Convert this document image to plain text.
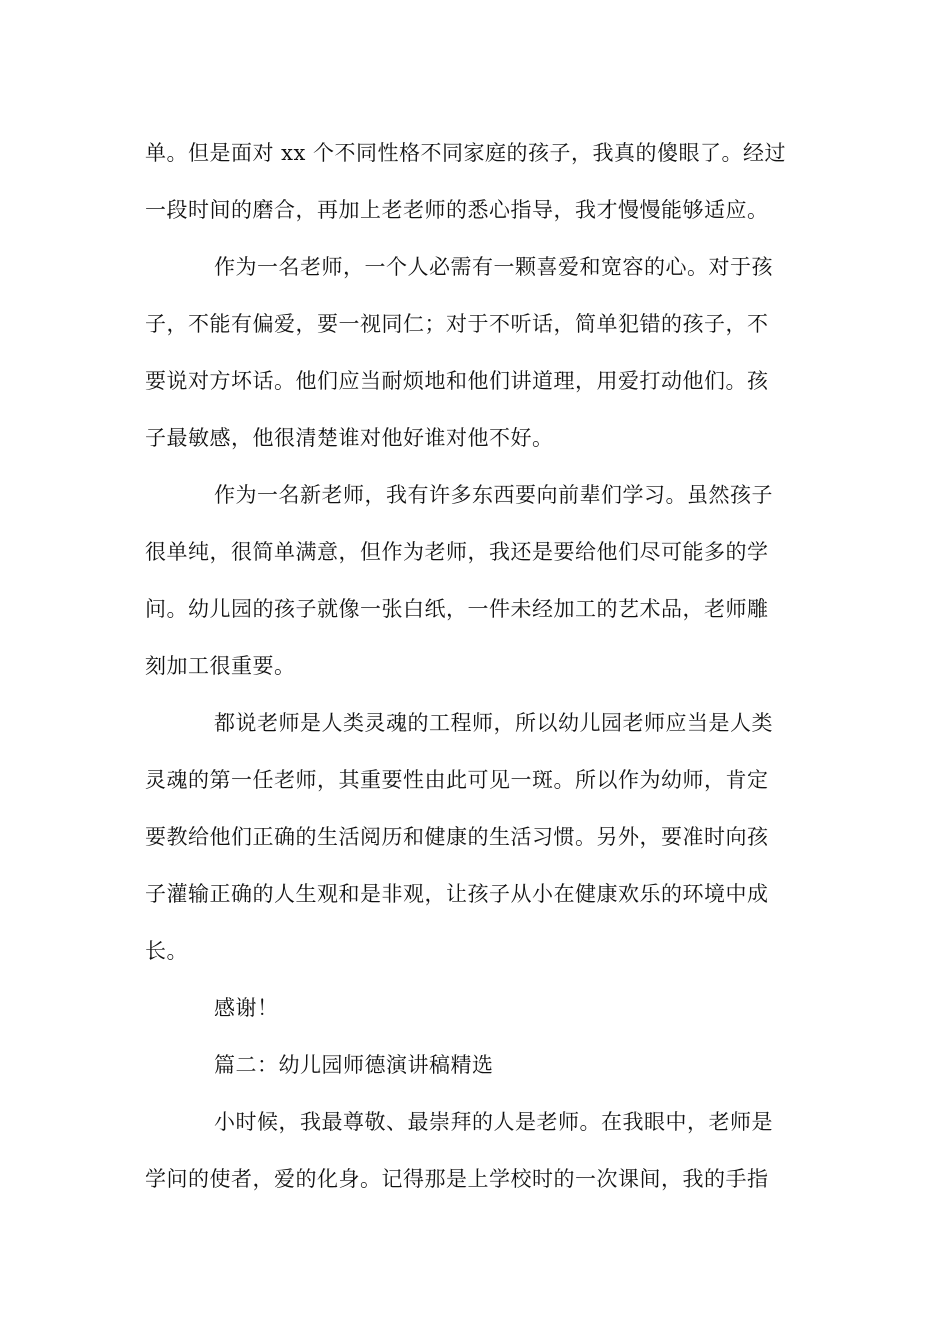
单。但是面对 xx 个不同性格不同家庭的孩子，我真的傻眼了。经过
一段时间的磨合，再加上老老师的悉心指导，我才慢慢能够适应。
作为一名老师，一个人必需有一颗喜爱和宽容的心。对于孩
子，不能有偏爱，要一视同仁；对于不听话，简单犯错的孩子，不
要说对方坏话。他们应当耐烦地和他们讲道理，用爱打动他们。孩
子最敏感，他很清楚谁对他好谁对他不好。
作为一名新老师，我有许多东西要向前辈们学习。虽然孩子
很单纯，很简单满意，但作为老师，我还是要给他们尽可能多的学
问。幼儿园的孩子就像一张白纸，一件未经加工的艺术品，老师雕
刻加工很重要。
都说老师是人类灵魂的工程师，所以幼儿园老师应当是人类
灵魂的第一任老师，其重要性由此可见一斑。所以作为幼师，肯定
要教给他们正确的生活阅历和健康的生活习惯。另外，要准时向孩
子灌输正确的人生观和是非观，让孩子从小在健康欢乐的环境中成
长。
感谢！
篇二：幼儿园师德演讲稿精选
小时候，我最尊敬、最崇拜的人是老师。在我眼中，老师是
学问的使者，爱的化身。记得那是上学校时的一次课间，我的手指
